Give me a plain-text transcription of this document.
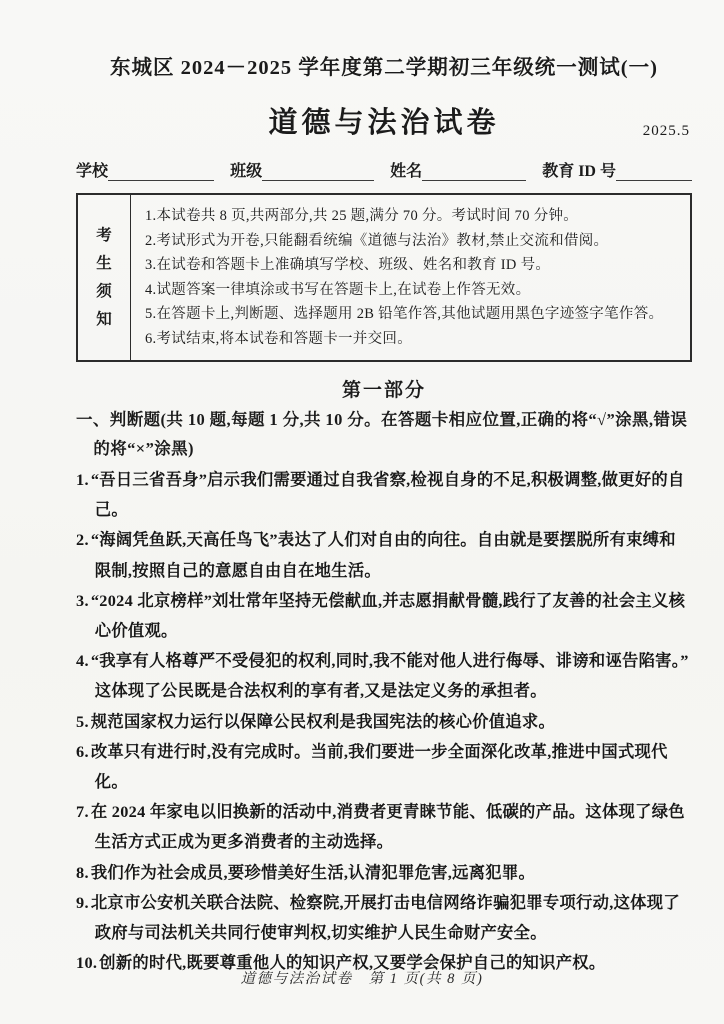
东城区 2024－2025 学年度第二学期初三年级统一测试(一)
道德与法治试卷	2025.5
学校	班级	姓名	教育 ID 号
考生须知

1.本试卷共 8 页,共两部分,共 25 题,满分 70 分。考试时间 70 分钟。

2.考试形式为开卷,只能翻看统编《道德与法治》教材,禁止交流和借阅。

3.在试卷和答题卡上准确填写学校、班级、姓名和教育 ID 号。

4.试题答案一律填涂或书写在答题卡上,在试卷上作答无效。

5.在答题卡上,判断题、选择题用 2B 铅笔作答,其他试题用黑色字迹签字笔作答。

6.考试结束,将本试卷和答题卡一并交回。

第一部分

一、判断题(共 10 题,每题 1 分,共 10 分。在答题卡相应位置,正确的将“√”涂黑,错误的将“×”涂黑)

1. “吾日三省吾身”启示我们需要通过自我省察,检视自身的不足,积极调整,做更好的自己。

2. “海阔凭鱼跃,天高任鸟飞”表达了人们对自由的向往。自由就是要摆脱所有束缚和限制,按照自己的意愿自由自在地生活。

3. “2024 北京榜样”刘壮常年坚持无偿献血,并志愿捐献骨髓,践行了友善的社会主义核心价值观。

4. “我享有人格尊严不受侵犯的权利,同时,我不能对他人进行侮辱、诽谤和诬告陷害。”这体现了公民既是合法权利的享有者,又是法定义务的承担者。

5. 规范国家权力运行以保障公民权利是我国宪法的核心价值追求。

6. 改革只有进行时,没有完成时。当前,我们要进一步全面深化改革,推进中国式现代化。

7. 在 2024 年家电以旧换新的活动中,消费者更青睐节能、低碳的产品。这体现了绿色生活方式正成为更多消费者的主动选择。

8. 我们作为社会成员,要珍惜美好生活,认清犯罪危害,远离犯罪。

9. 北京市公安机关联合法院、检察院,开展打击电信网络诈骗犯罪专项行动,这体现了政府与司法机关共同行使审判权,切实维护人民生命财产安全。

10. 创新的时代,既要尊重他人的知识产权,又要学会保护自己的知识产权。

道德与法治试卷　第 1 页(共 8 页)
